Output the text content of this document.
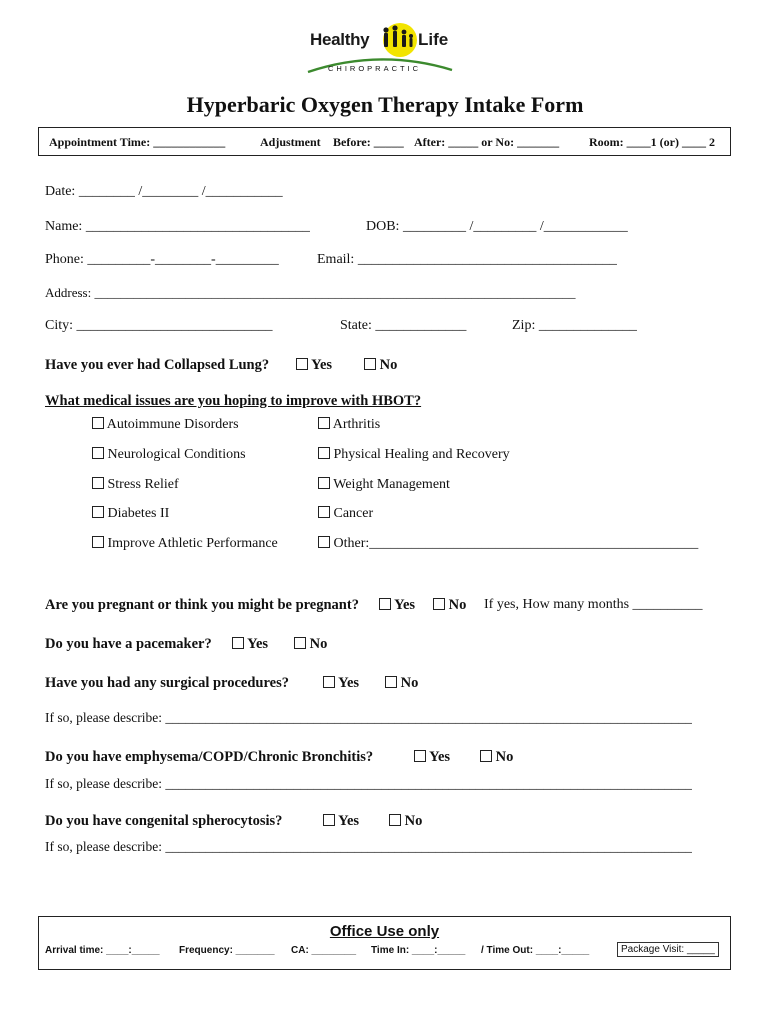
Healthy	Life
CHIROPRACTIC
Hyperbaric Oxygen Therapy Intake Form
Appointment Time: ____________	Adjustment Before: _____ After: _____ or No: _______ Room: ____1 (or) ____ 2
Date: ________ /________ /___________
Name: ________________________________	DOB: _________ /_________ /____________
Phone: _________-________-_________	Email: _____________________________________
Address: __________________________________________________________________________
City: ____________________________	State: _____________	Zip: ______________
Have you ever had Collapsed Lung?	Yes	No
What medical issues are you hoping to improve with HBOT?
Autoimmune Disorders
Neurological Conditions
Stress Relief
Diabetes II
Improve Athletic Performance
Arthritis
Physical Healing and Recovery
Weight Management
Cancer
Other:_______________________________________________
Are you pregnant or think you might be pregnant?	Yes	No If yes, How many months __________
Do you have a pacemaker?	Yes	No
Have you had any surgical procedures?	Yes	No
If so, please describe: ______________________________________________________________________________
Do you have emphysema/COPD/Chronic Bronchitis?	Yes	No
If so, please describe: ______________________________________________________________________________
Do you have congenital spherocytosis?	Yes	No
If so, please describe: ______________________________________________________________________________
Office Use only
Arrival time: ____:_____ Frequency: _______ CA: ________ Time In: ____:_____ / Time Out: ____:_____	Package Visit: _____
